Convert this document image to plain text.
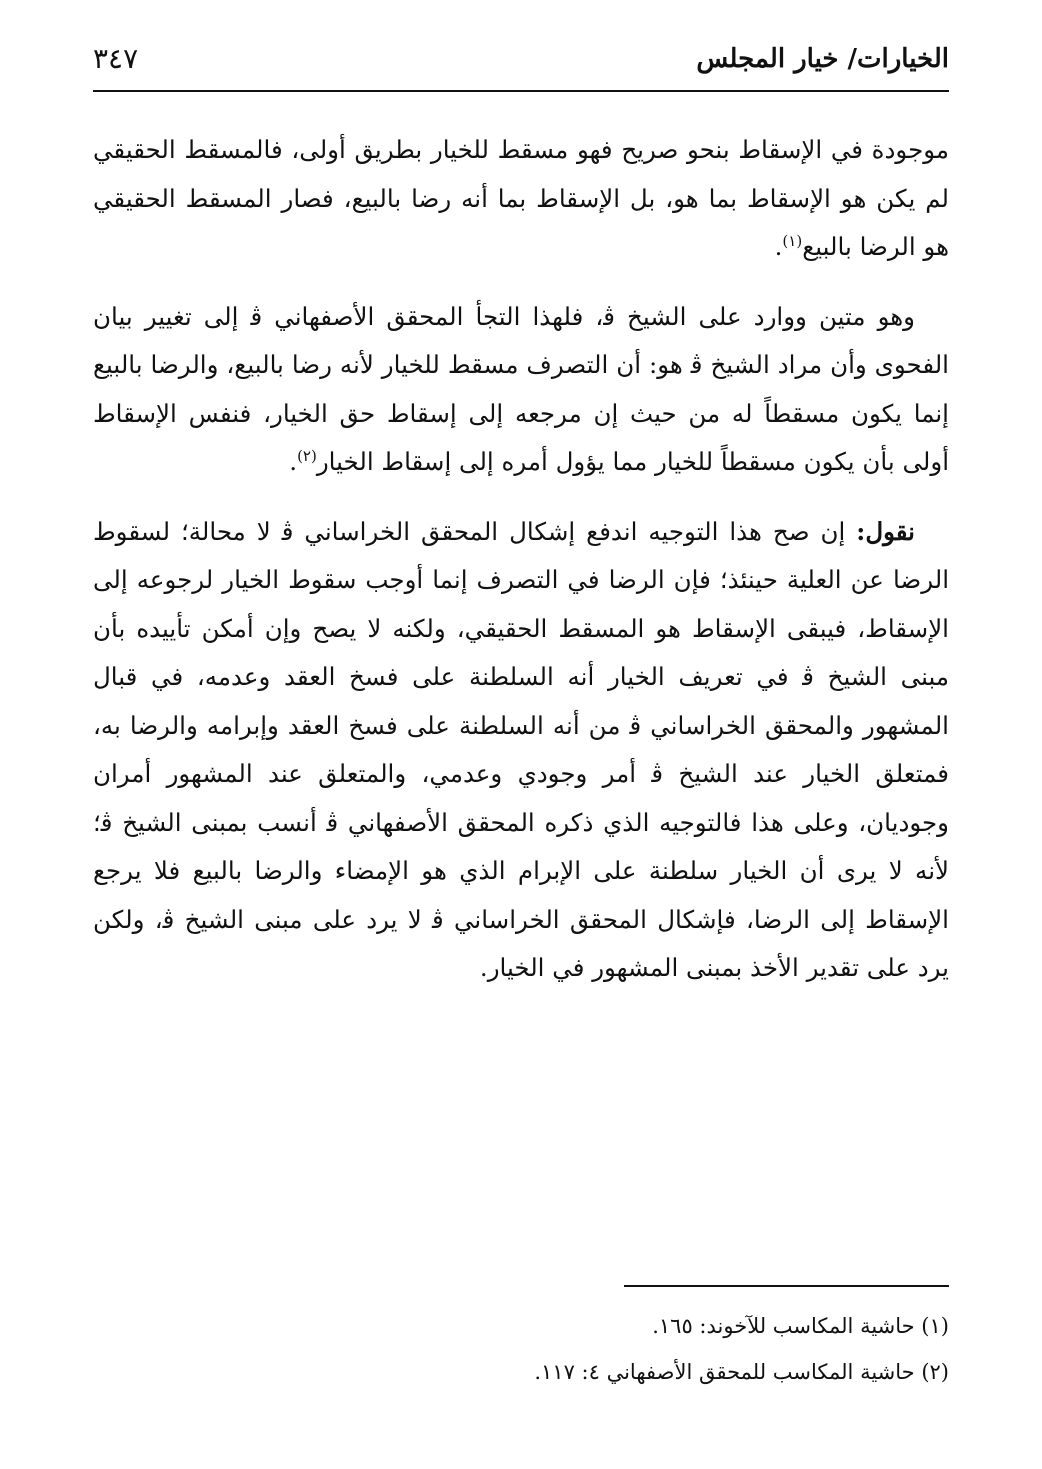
الخيارات/ خيار المجلس
٣٤٧

موجودة في الإسقاط بنحو صريح فهو مسقط للخيار بطريق أولى، فالمسقط الحقيقي لم يكن هو الإسقاط بما هو، بل الإسقاط بما أنه رضا بالبيع، فصار المسقط الحقيقي هو الرضا بالبيع$^{(١)}$.

وهو متين ووارد على الشيخ ﭬ، فلهذا التجأ المحقق الأصفهاني ﭬ إلى تغيير بيان الفحوى وأن مراد الشيخ ﭬ هو: أن التصرف مسقط للخيار لأنه رضا بالبيع، والرضا بالبيع إنما يكون مسقطاً له من حيث إن مرجعه إلى إسقاط حق الخيار، فنفس الإسقاط أولى بأن يكون مسقطاً للخيار مما يؤول أمره إلى إسقاط الخيار$^{(٢)}$.

نقول: إن صح هذا التوجيه اندفع إشكال المحقق الخراساني ﭬ لا محالة؛ لسقوط الرضا عن العلية حينئذ؛ فإن الرضا في التصرف إنما أوجب سقوط الخيار لرجوعه إلى الإسقاط، فيبقى الإسقاط هو المسقط الحقيقي، ولكنه لا يصح وإن أمكن تأييده بأن مبنى الشيخ ﭬ في تعريف الخيار أنه السلطنة على فسخ العقد وعدمه، في قبال المشهور والمحقق الخراساني ﭬ من أنه السلطنة على فسخ العقد وإبرامه والرضا به، فمتعلق الخيار عند الشيخ ﭬ أمر وجودي وعدمي، والمتعلق عند المشهور أمران وجوديان، وعلى هذا فالتوجيه الذي ذكره المحقق الأصفهاني ﭬ أنسب بمبنى الشيخ ﭬ؛ لأنه لا يرى أن الخيار سلطنة على الإبرام الذي هو الإمضاء والرضا بالبيع فلا يرجع الإسقاط إلى الرضا، فإشكال المحقق الخراساني ﭬ لا يرد على مبنى الشيخ ﭬ، ولكن يرد على تقدير الأخذ بمبنى المشهور في الخيار.

(١) حاشية المكاسب للآخوند: ١٦٥.
(٢) حاشية المكاسب للمحقق الأصفهاني ٤: ١١٧.
